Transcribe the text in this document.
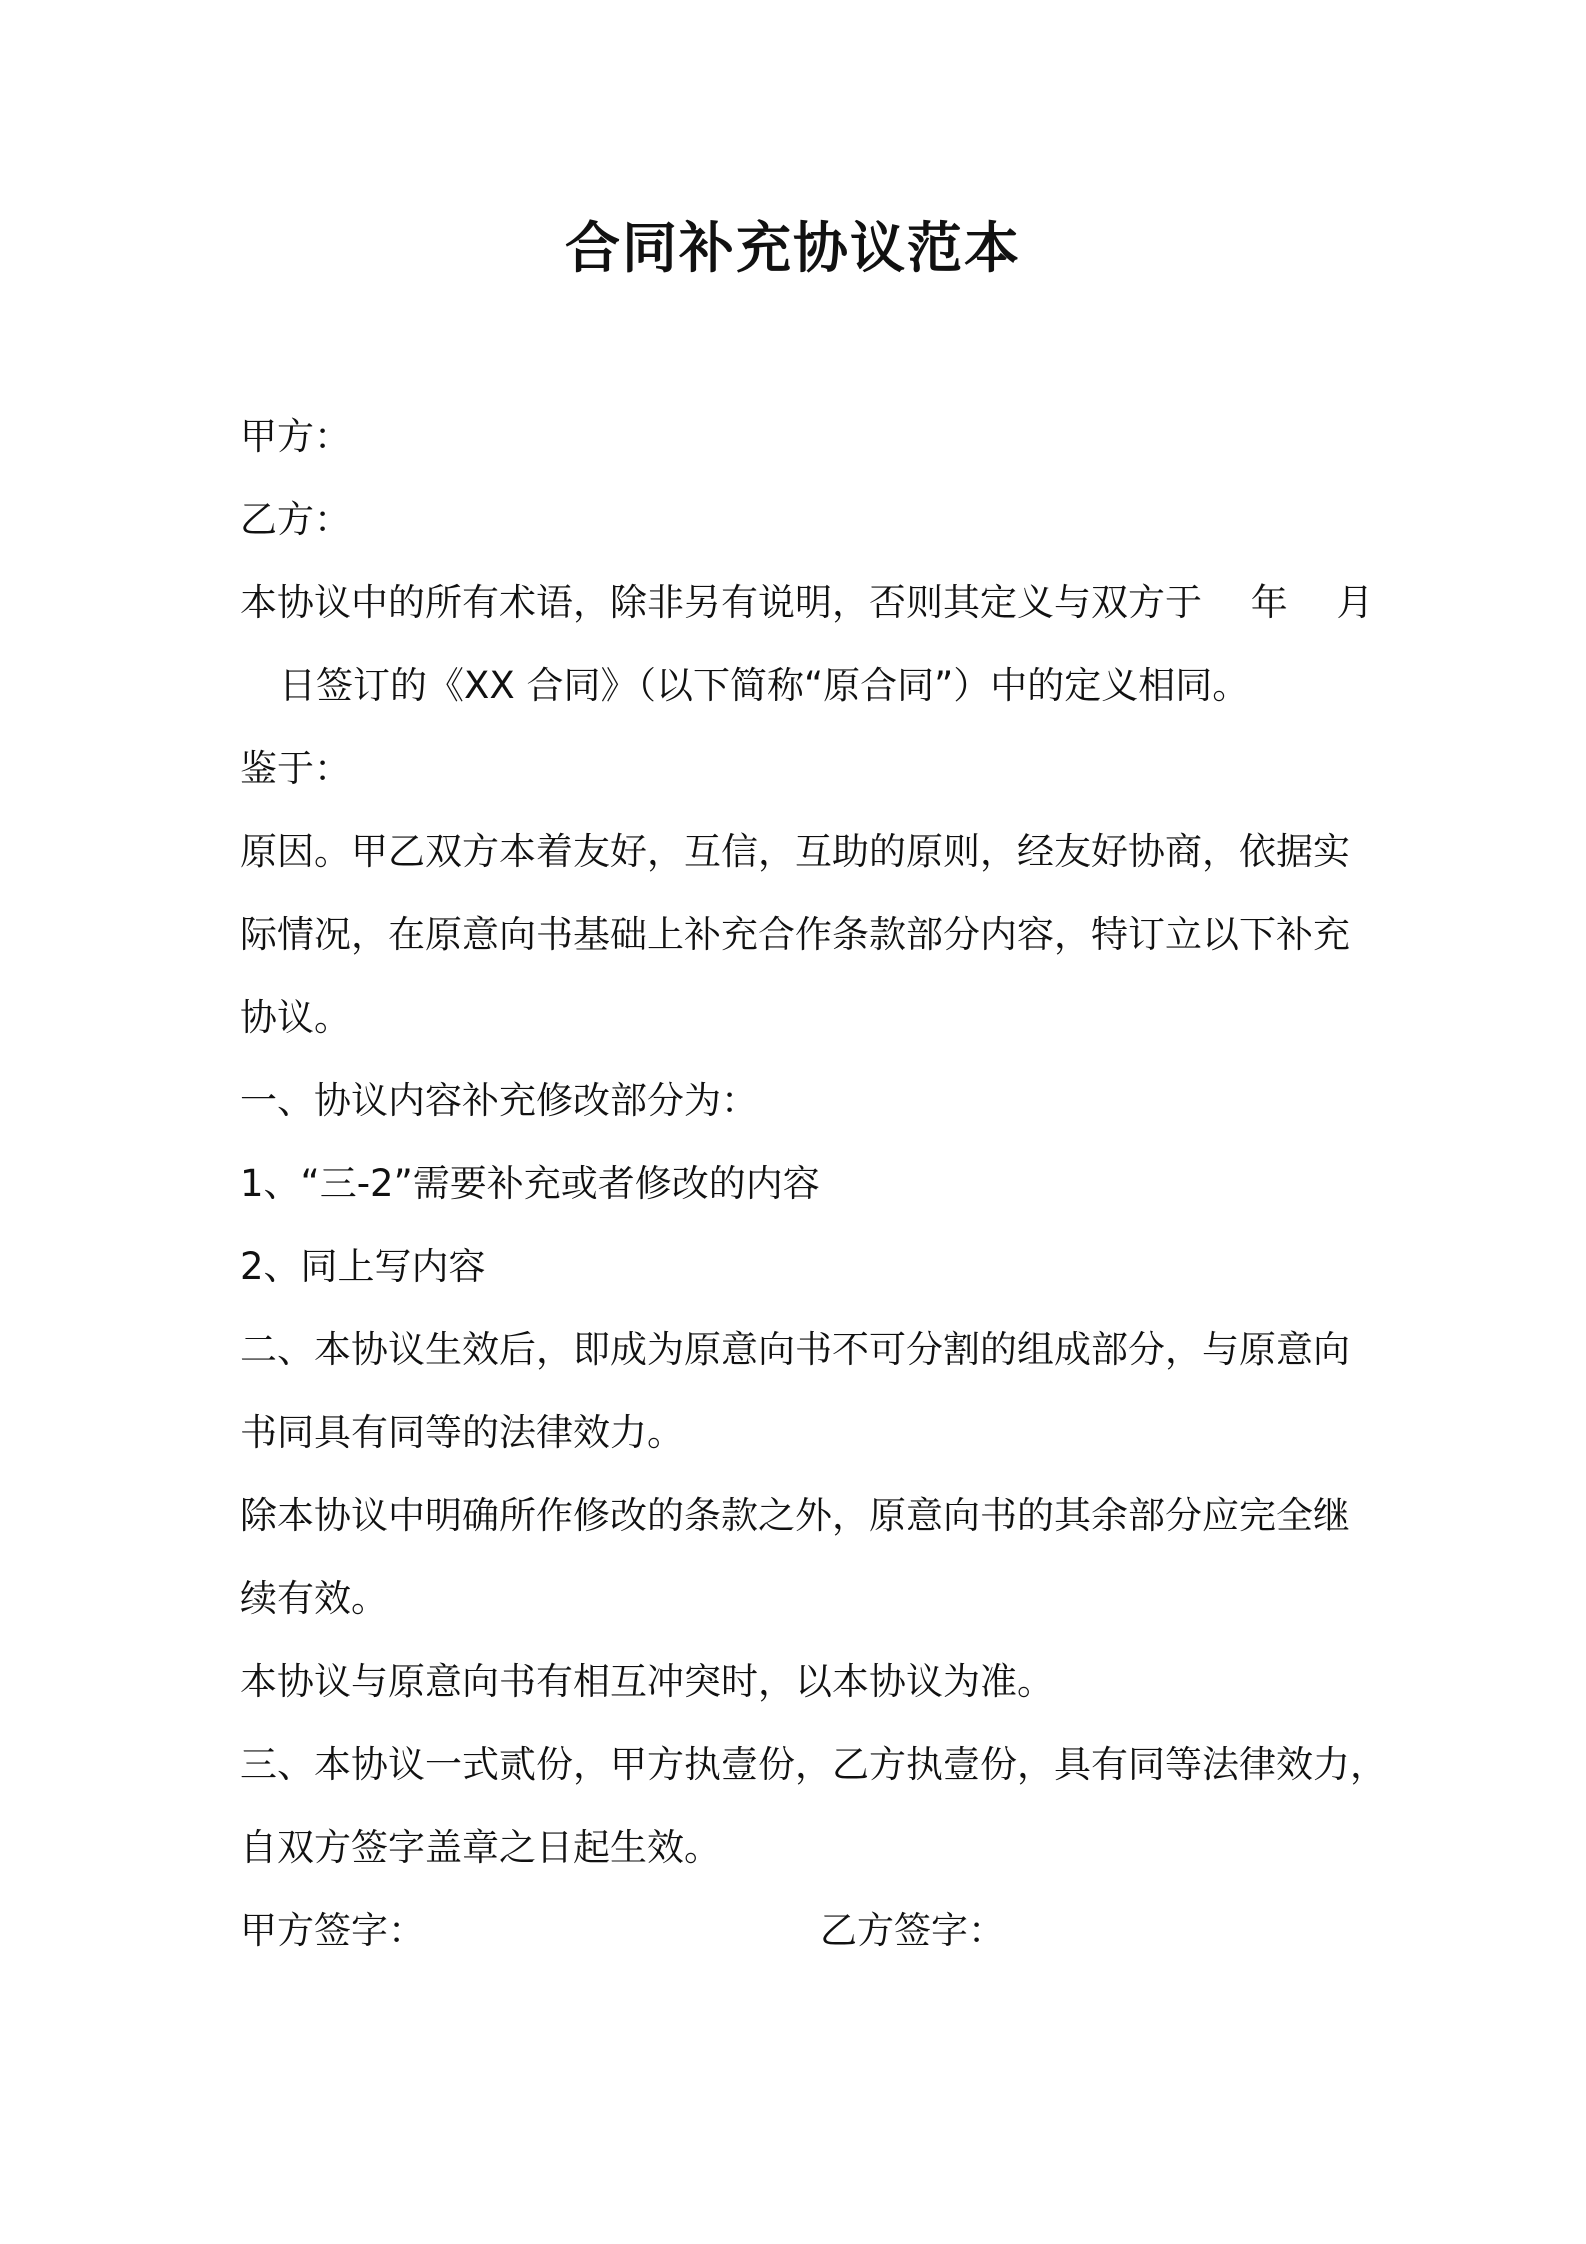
合同补充协议范本
甲方：
乙方：
本协议中的所有术语，除非另有说明，否则其定义与双方于　 年　 月
日签订的《XX 合同》（以下简称“原合同”）中的定义相同。
鉴于：
原因。甲乙双方本着友好，互信，互助的原则，经友好协商，依据实
际情况，在原意向书基础上补充合作条款部分内容，特订立以下补充
协议。
一、协议内容补充修改部分为：
1、“三-2”需要补充或者修改的内容
2、同上写内容
二、本协议生效后，即成为原意向书不可分割的组成部分，与原意向
书同具有同等的法律效力。
除本协议中明确所作修改的条款之外，原意向书的其余部分应完全继
续有效。
本协议与原意向书有相互冲突时，以本协议为准。
三、本协议一式贰份，甲方执壹份，乙方执壹份，具有同等法律效力，
自双方签字盖章之日起生效。
甲方签字：	乙方签字：
